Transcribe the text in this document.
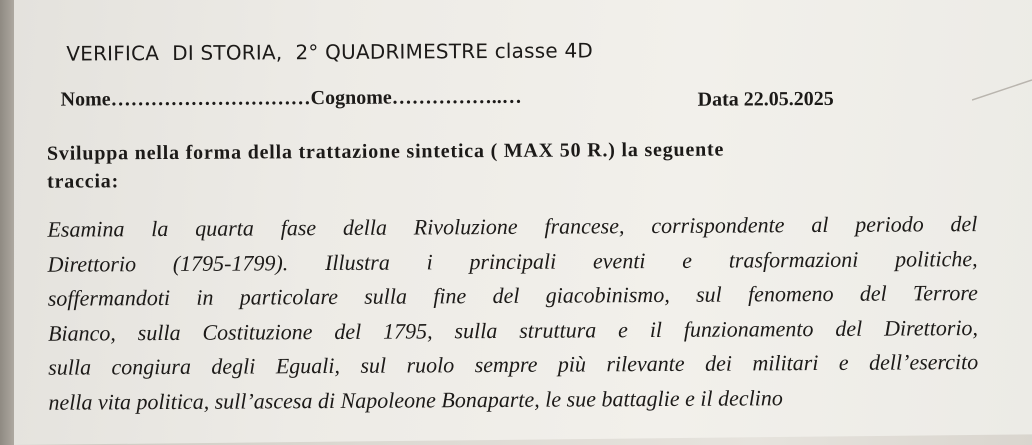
VERIFICA  DI STORIA,  2° QUADRIMESTRE classe 4D
Nome…………………………Cognome……………..…	Data 22.05.2025
Sviluppa nella forma della trattazione sintetica ( MAX 50 R.) la seguente
traccia:
Esamina la quarta fase della Rivoluzione francese, corrispondente al periodo del
Direttorio (1795-1799). Illustra i principali eventi e trasformazioni politiche,
soffermandoti in particolare sulla fine del giacobinismo, sul fenomeno del Terrore
Bianco, sulla Costituzione del 1795, sulla struttura e il funzionamento del Direttorio,
sulla congiura degli Eguali, sul ruolo sempre più rilevante dei militari e dell’esercito
nella vita politica, sull’ascesa di Napoleone Bonaparte, le sue battaglie e il declino
